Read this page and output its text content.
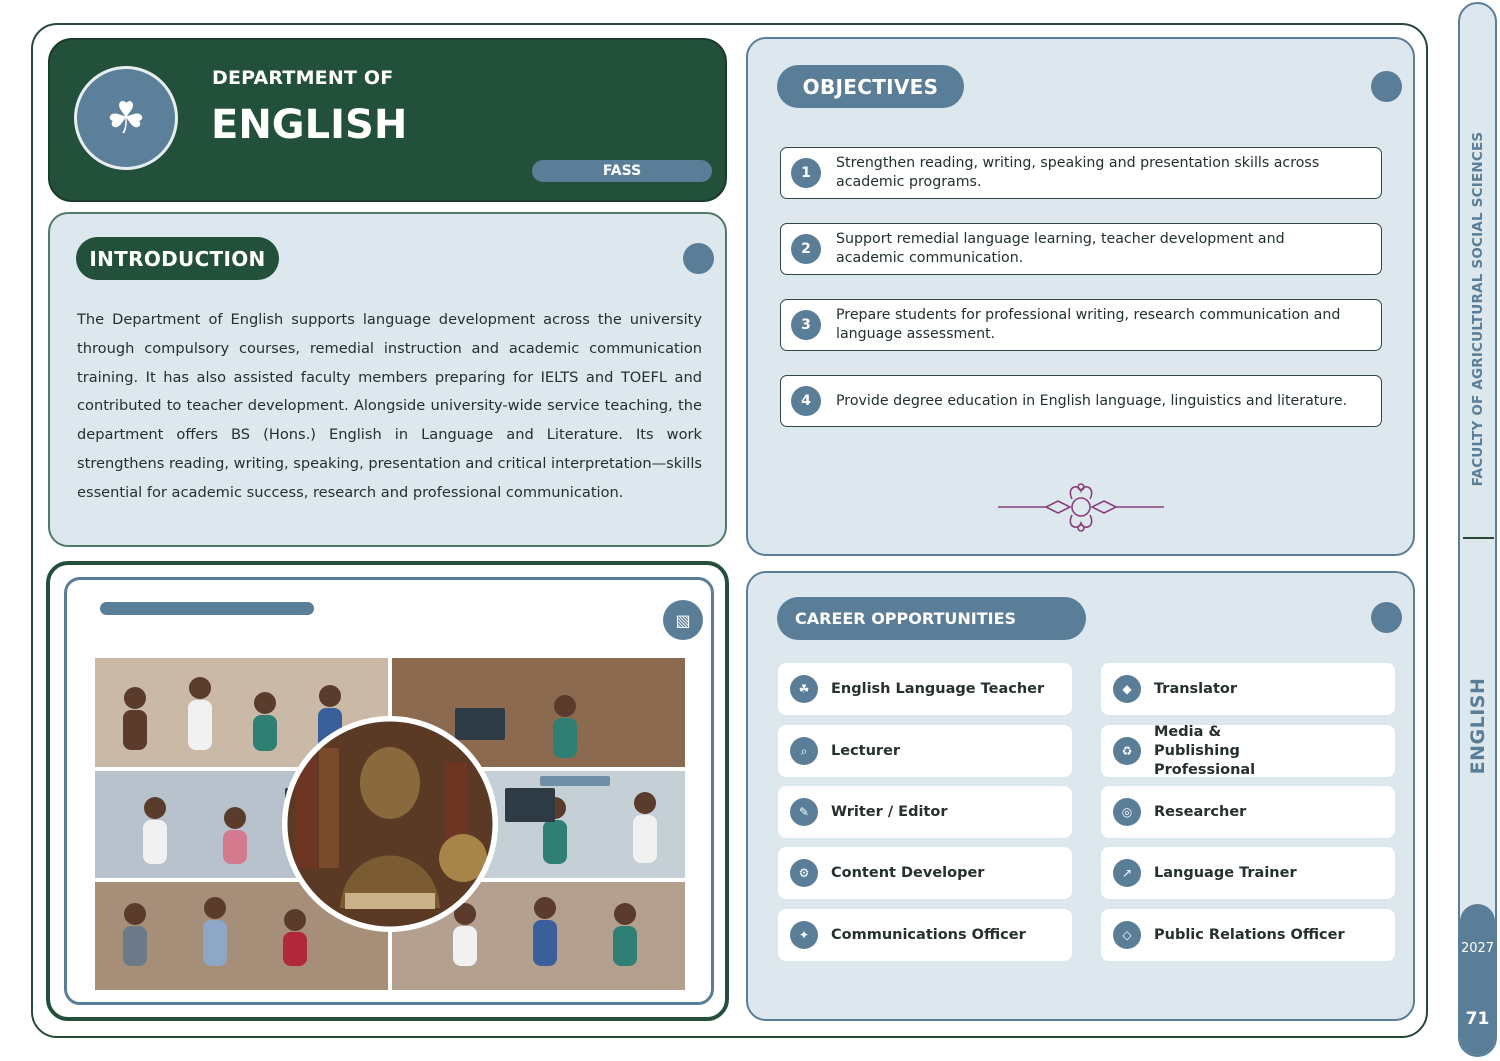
☘
DEPARTMENT OF
ENGLISH
FASS
INTRODUCTION

The Department of English supports language development across the university through compulsory courses, remedial instruction and academic communication training. It has also assisted faculty members preparing for IELTS and TOEFL and contributed to teacher development. Alongside university-wide service teaching, the department offers BS (Hons.) English in Language and Literature. Its work strengthens reading, writing, speaking, presentation and critical interpretation—skills essential for academic success, research and professional communication.

OBJECTIVES
1
Strengthen reading, writing, speaking and presentation skills across academic programs.
2
Support remedial language learning, teacher development and academic communication.
3
Prepare students for professional writing, research communication and language assessment.
4	Provide degree education in English language, linguistics and literature.
▧	CAREER OPPORTUNITIES
☘	English Language Teacher	◆	Translator
⌕	Lecturer	♻
Media & Publishing Professional
✎	Writer / Editor	◎	Researcher
⚙	Content Developer	↗	Language Trainer
✦	Communications Officer	◇	Public Relations Officer
FACULTY OF AGRICULTURAL SOCIAL SCIENCES
ENGLISH
2027
71
